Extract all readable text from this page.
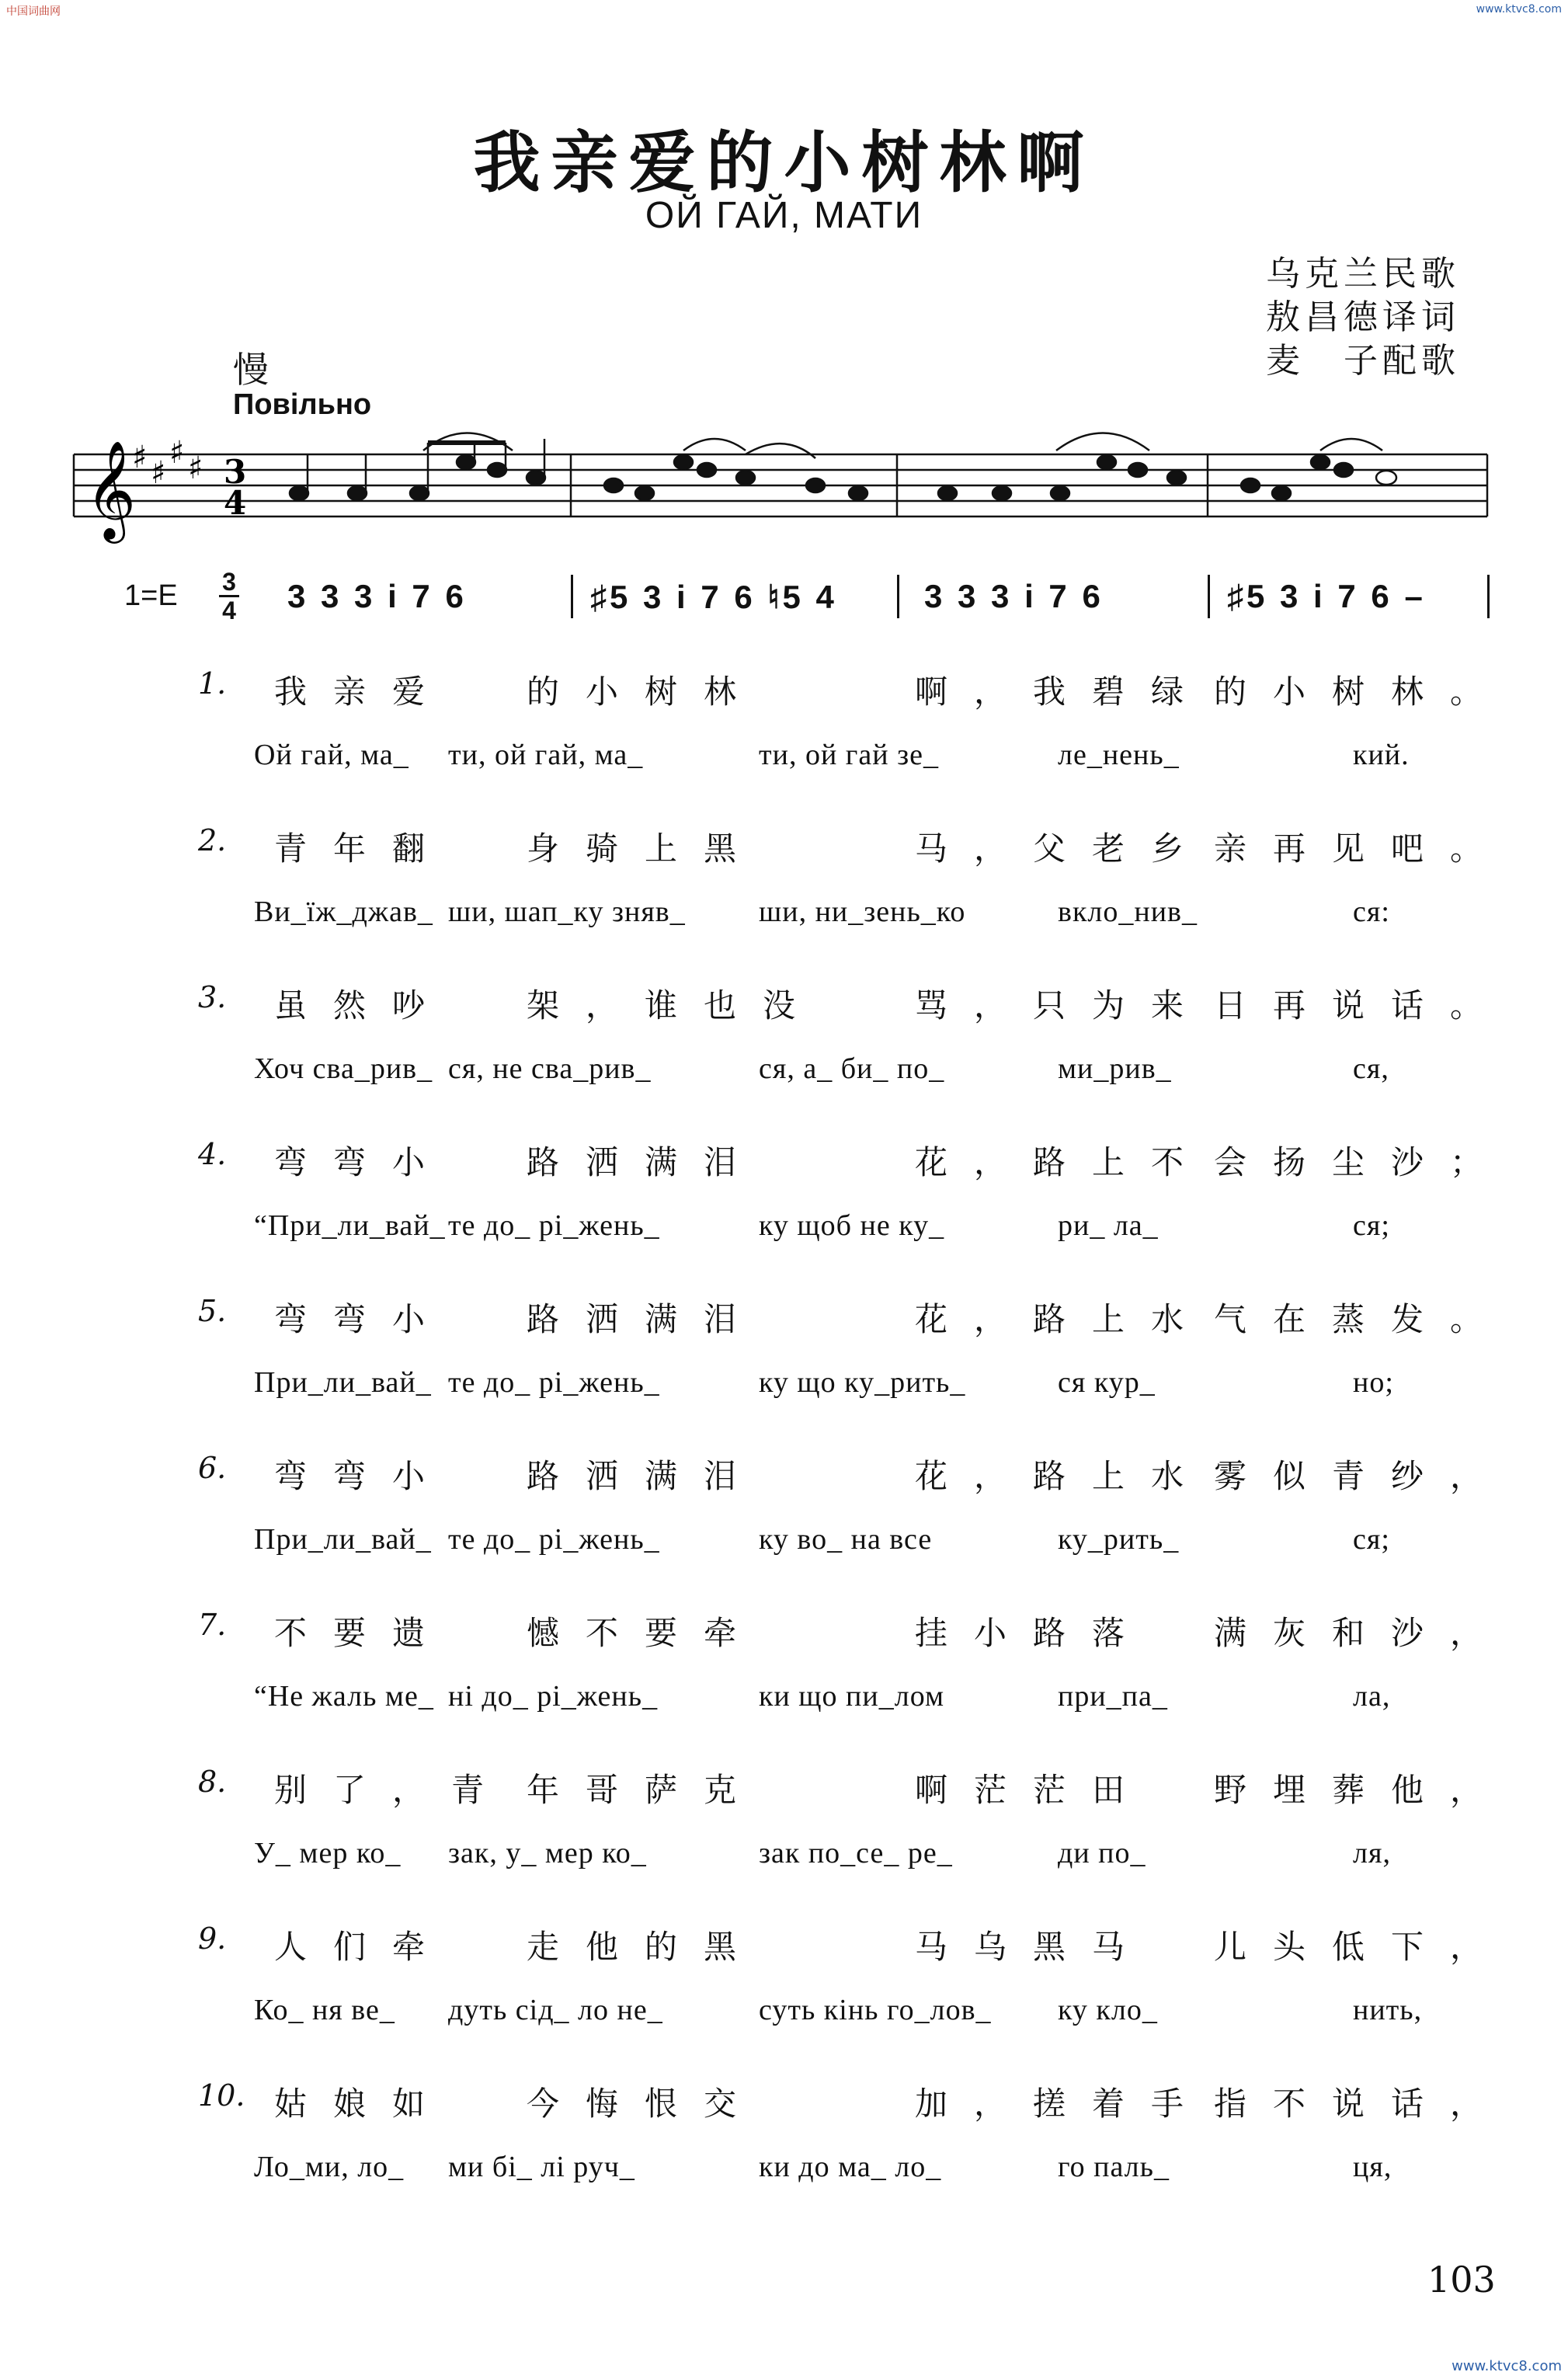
中国词曲网	www.ktvc8.com
www.ktvc8.com
我亲爱的小树林啊
ОЙ ГАЙ, МАТИ
乌克兰民歌
敖昌德译词
麦　子配歌
慢
Повільно
𝄞
♯ ♯
♯ ♯ 3
4
1=E 3
4 3 3 3 i 7 6	♯5 3 i 7 6 ♮5 4	3 3 3 i 7 6	♯5 3 i 7 6 –
1. 我亲爱 的小树林	啊，我碧绿 的小树林。
Ой гай, ма_ ти, ой гай, ма_	ти, ой гай зе_	ле_нень_	кий.
2. 青年翻 身骑上黑	马，父老乡 亲再见吧。
Ви_їж_джав_ ши, шап_ку зняв_ ши, ни_зень_ко	вкло_нив_	ся:
3. 虽然吵 架，谁也没	骂，只为来 日再说话。
Хоч сва_рив_ ся, не сва_рив_	ся, а_ би_ по_	ми_рив_	ся,
4. 弯弯小 路洒满泪	花，路上不 会扬尘沙；
“При_ли_вай_ те до_ рі_жень_	ку щоб не ку_	ри_ ла_	ся;
5. 弯弯小 路洒满泪	花，路上水 气在蒸发。
При_ли_вай_ те до_ рі_жень_	ку що ку_рить_	ся кур_	но;
6. 弯弯小 路洒满泪	花，路上水 雾似青纱，
При_ли_вай_ те до_ рі_жень_	ку во_ на все	ку_рить_	ся;
7. 不要遗 憾不要牵	挂小路落 满灰和沙，
“Не жаль ме_ ні до_ рі_жень_	ки що пи_лом	при_па_	ла,
8. 别了，青 年哥萨克	啊茫茫田 野埋葬他，
У_ мер ко_ зак, у_ мер ко_	зак по_се_ ре_	ди по_	ля,
9. 人们牵 走他的黑	马乌黑马 儿头低下，
Ко_ ня ве_ дуть сід_ ло не_	суть кінь го_лов_ ку кло_	нить,
10. 姑娘如 今悔恨交	加，搓着手 指不说话，
Ло_ми, ло_ ми бі_ лі руч_	ки до ма_ ло_	го паль_	ця,
103
